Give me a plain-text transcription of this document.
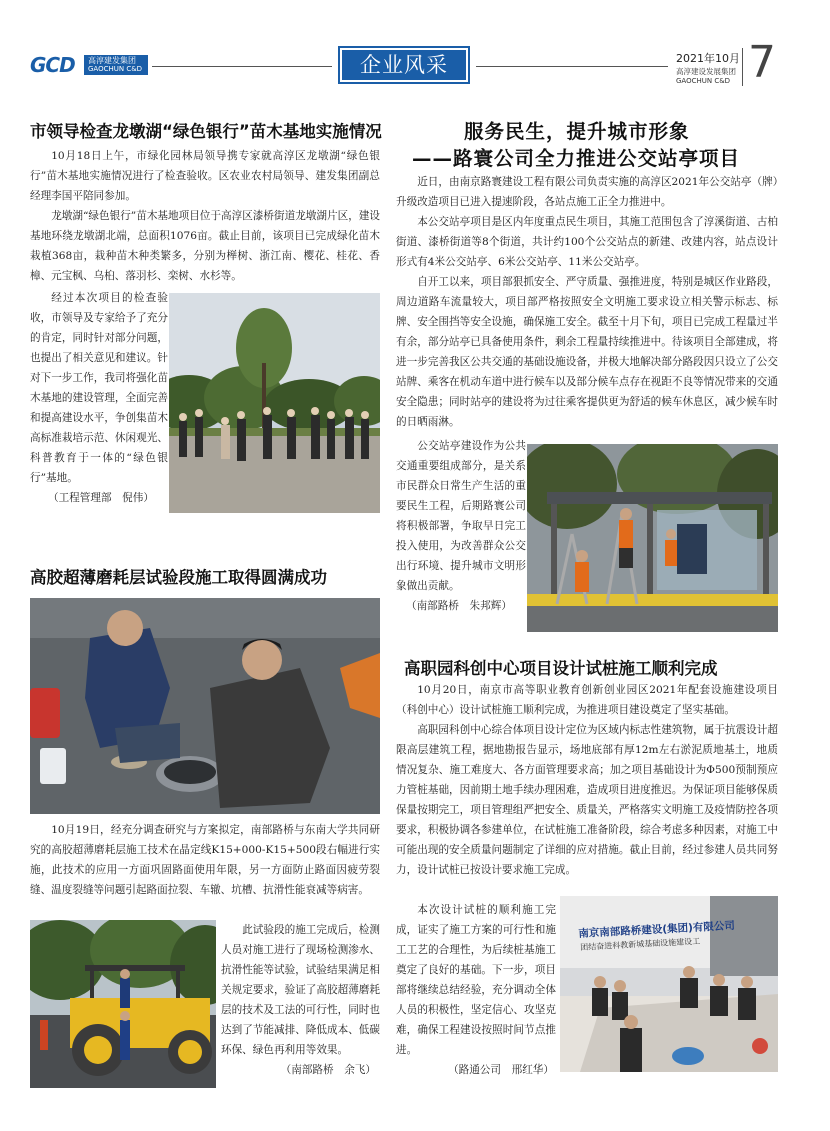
GCD 高淳建发集团
GAOCHUN C&D	企业风采	2021年10月
高淳建设发展集团
GAOCHUN C&D 7
市领导检查龙墩湖“绿色银行”苗木基地实施情况

10月18日上午，市绿化园林局领导携专家就高淳区龙墩湖“绿色银行”苗木基地实施情况进行了检查验收。区农业农村局领导、建发集团副总经理李国平陪同参加。

龙墩湖“绿色银行”苗木基地项目位于高淳区漆桥街道龙墩湖片区，建设基地环绕龙墩湖北端，总面积1076亩。截止目前，该项目已完成绿化苗木栽植368亩，栽种苗木种类繁多，分别为榉树、浙江南、樱花、桂花、香樟、元宝枫、乌桕、落羽杉、栾树、水杉等。

经过本次项目的检查验收，市领导及专家给予了充分的肯定，同时针对部分问题，也提出了相关意见和建议。针对下一步工作，我司将强化苗木基地的建设管理，全面完善和提高建设水平，争创集苗木高标准栽培示范、休闲观光、科普教育于一体的“绿色银行”基地。

（工程管理部　倪伟）

高胶超薄磨耗层试验段施工取得圆满成功

10月19日，经充分调查研究与方案拟定，南部路桥与东南大学共同研究的高胶超薄磨耗层施工技术在晶定线K15+000-K15+500段右幅进行实施，此技术的应用一方面巩固路面使用年限，另一方面防止路面因疲劳裂缝、温度裂缝等问题引起路面拉裂、车辙、坑槽、抗滑性能衰减等病害。

此试验段的施工完成后，检测人员对施工进行了现场检测渗水、抗滑性能等试验，试验结果满足相关规定要求，验证了高胶超薄磨耗层的技术及工法的可行性，同时也达到了节能减排、降低成本、低碳环保、绿色再利用等效果。

（南部路桥　余飞）

服务民生，提升城市形象
——路寰公司全力推进公交站亭项目

近日，由南京路寰建设工程有限公司负责实施的高淳区2021年公交站亭（牌）升级改造项目已进入提速阶段，各站点施工正全力推进中。

本公交站亭项目是区内年度重点民生项目，其施工范围包含了淳溪街道、古柏街道、漆桥街道等8个街道，共计约100个公交站点的新建、改建内容，站点设计形式有4米公交站亭、6米公交站亭、11米公交站亭。

自开工以来，项目部狠抓安全、严守质量、强推进度，特别是城区作业路段，周边道路车流量较大，项目部严格按照安全文明施工要求设立相关警示标志、标牌、安全围挡等安全设施，确保施工安全。截至十月下旬，项目已完成工程量过半有余，部分站亭已具备使用条件，剩余工程量持续推进中。待该项目全部建成，将进一步完善我区公共交通的基础设施设备，并极大地解决部分路段因只设立了公交站牌、乘客在机动车道中进行候车以及部分候车点存在视距不良等情况带来的交通安全隐患；同时站亭的建设将为过往乘客提供更为舒适的候车休息区，减少候车时的日晒雨淋。

公交站亭建设作为公共交通重要组成部分，是关系市民群众日常生产生活的重要民生工程，后期路寰公司将积极部署，争取早日完工投入使用，为改善群众公交出行环境、提升城市文明形象做出贡献。

（南部路桥　朱邦辉）

高职园科创中心项目设计试桩施工顺利完成

10月20日，南京市高等职业教育创新创业园区2021年配套设施建设项目（科创中心）设计试桩施工顺利完成，为推进项目建设奠定了坚实基础。

高职园科创中心综合体项目设计定位为区域内标志性建筑物，属于抗震设计超限高层建筑工程，据地勘报告显示，场地底部有厚12m左右淤泥质地基土，地质情况复杂、施工难度大、各方面管理要求高；加之项目基础设计为Φ500预制预应力管桩基础，因前期土地手续办理困难，造成项目进度推迟。为保证项目能够保质保量按期完工，项目管理组严把安全、质量关，严格落实文明施工及疫情防控各项要求，积极协调各参建单位，在试桩施工准备阶段，综合考虑多种因素，对施工中可能出现的安全质量问题制定了详细的应对措施。截止目前，经过参建人员共同努力，设计试桩已按设计要求施工完成。

本次设计试桩的顺利施工完成，证实了施工方案的可行性和施工工艺的合理性，为后续桩基施工奠定了良好的基础。下一步，项目部将继续总结经验，充分调动全体人员的积极性，坚定信心、攻坚克难，确保工程建设按照时间节点推进。

（路通公司　邢红华）

南京南部路桥建设(集团)有限公司
团结奋进科教新城基础设施建设工
